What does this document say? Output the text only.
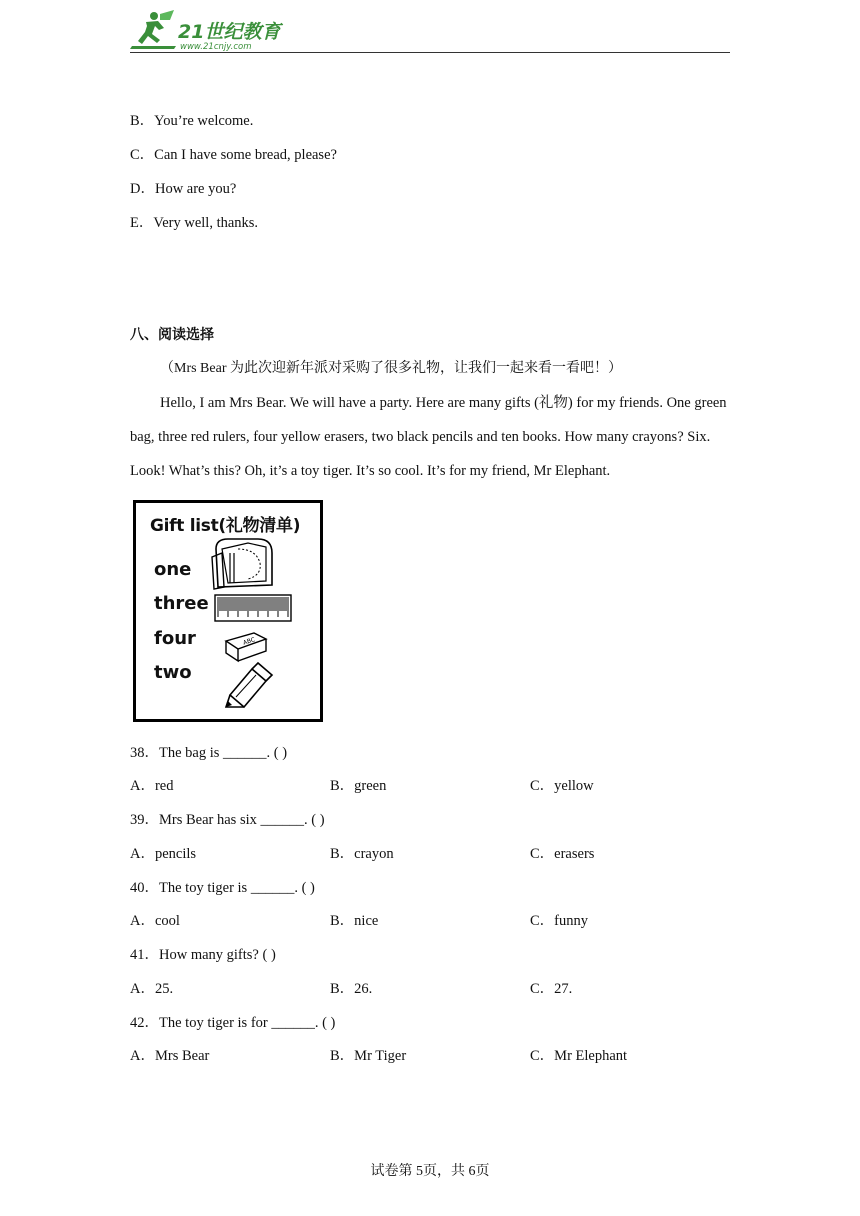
21世纪教育
www.21cnjy.com
B．You’re welcome.
C．Can I have some bread, please?
D．How are you?
E．Very well, thanks.
八、阅读选择
（Mrs Bear 为此次迎新年派对采购了很多礼物，让我们一起来看一看吧！）
Hello, I am Mrs Bear. We will have a party. Here are many gifts (礼物) for my friends. One green bag, three red rulers, four yellow erasers, two black pencils and ten books. How many crayons? Six. Look! What’s this? Oh, it’s a toy tiger. It’s so cool. It’s for my friend, Mr Elephant.
Gift list(礼物清单)
one
three
four
two
ABC
38．The bag is ______. ( )
A．red	B．green	C．yellow
39．Mrs Bear has six ______. ( )
A．pencils	B．crayon	C．erasers
40．The toy tiger is ______. ( )
A．cool	B．nice	C．funny
41．How many gifts? ( )
A．25.	B．26.	C．27.
42．The toy tiger is for ______. ( )
A．Mrs Bear	B．Mr Tiger	C．Mr Elephant
试卷第 5页，共 6页
